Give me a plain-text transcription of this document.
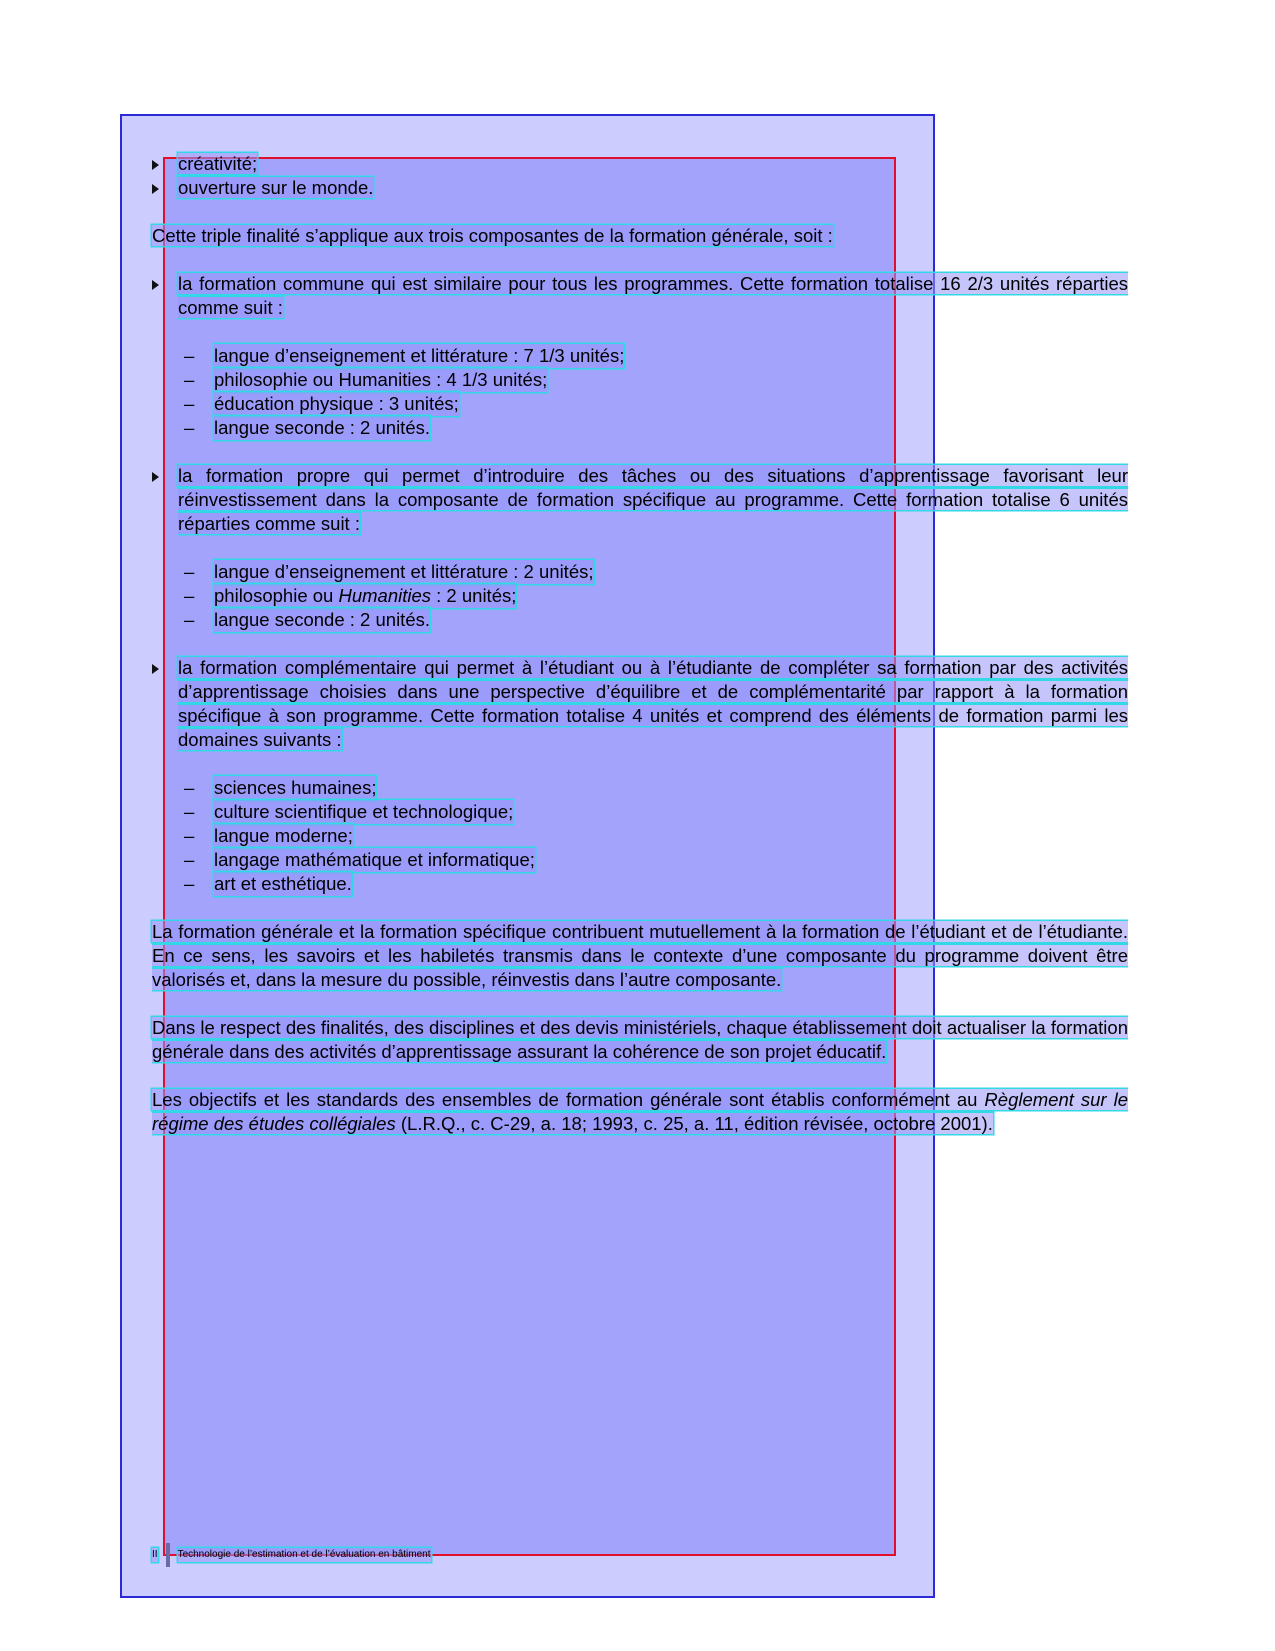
créativité;
ouverture sur le monde.

Cette triple finalité s’applique aux trois composantes de la formation générale, soit :

la formation commune qui est similaire pour tous les programmes. Cette formation totalise 16 2/3 unités réparties comme suit :
–	langue d’enseignement et littérature : 7 1/3 unités;
–	philosophie ou Humanities : 4 1/3 unités;
–	éducation physique : 3 unités;
–	langue seconde : 2 unités.
la formation propre qui permet d’introduire des tâches ou des situations d’apprentissage favorisant leur réinvestissement dans la composante de formation spécifique au programme. Cette formation totalise 6 unités réparties comme suit :
–	langue d’enseignement et littérature : 2 unités;
–	philosophie ou Humanities : 2 unités;
–	langue seconde : 2 unités.
la formation complémentaire qui permet à l’étudiant ou à l’étudiante de compléter sa formation par des activités d’apprentissage choisies dans une perspective d’équilibre et de complémentarité par rapport à la formation spécifique à son programme. Cette formation totalise 4 unités et comprend des éléments de formation parmi les domaines suivants :
–	sciences humaines;
–	culture scientifique et technologique;
–	langue moderne;
–	langage mathématique et informatique;
–	art et esthétique.

La formation générale et la formation spécifique contribuent mutuellement à la formation de l’étudiant et de l’étudiante. En ce sens, les savoirs et les habiletés transmis dans le contexte d’une composante du programme doivent être valorisés et, dans la mesure du possible, réinvestis dans l’autre composante.

Dans le respect des finalités, des disciplines et des devis ministériels, chaque établissement doit actualiser la formation générale dans des activités d’apprentissage assurant la cohérence de son projet éducatif.

Les objectifs et les standards des ensembles de formation générale sont établis conformément au Règlement sur le régime des études collégiales (L.R.Q., c. C-29, a. 18; 1993, c. 25, a. 11, édition révisée, octobre 2001).

II Technologie de l’estimation et de l’évaluation en bâtiment
